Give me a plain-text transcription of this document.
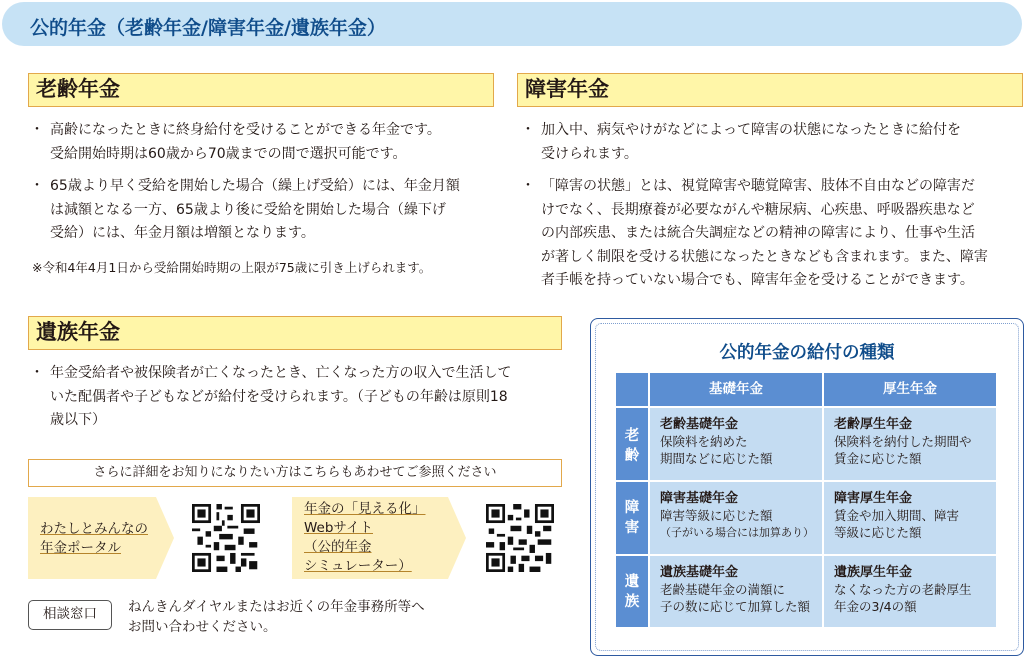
公的年金（老齢年金/障害年金/遺族年金）
老齢年金
・ 高齢になったときに終身給付を受けることができる年金です。
受給開始時期は60歳から70歳までの間で選択可能です。
・ 65歳より早く受給を開始した場合（繰上げ受給）には、年金月額
は減額となる一方、65歳より後に受給を開始した場合（繰下げ
受給）には、年金月額は増額となります。
※令和4年4月1日から受給開始時期の上限が75歳に引き上げられます。
障害年金
・ 加入中、病気やけがなどによって障害の状態になったときに給付を
受けられます。
・ 「障害の状態」とは、視覚障害や聴覚障害、肢体不自由などの障害だ
けでなく、長期療養が必要ながんや糖尿病、心疾患、呼吸器疾患など
の内部疾患、または統合失調症などの精神の障害により、仕事や生活
が著しく制限を受ける状態になったときなども含まれます。また、障害
者手帳を持っていない場合でも、障害年金を受けることができます。
遺族年金
・ 年金受給者や被保険者が亡くなったとき、亡くなった方の収入で生活して
いた配偶者や子どもなどが給付を受けられます。（子どもの年齢は原則18
歳以下）
さらに詳細をお知りになりたい方はこちらもあわせてご参照ください
わたしとみんなの
年金ポータル
年金の「見える化」
Webサイト
（公的年金
シミュレーター）
相談窓口	ねんきんダイヤルまたはお近くの年金事務所等へ
お問い合わせください。
公的年金の給付の種類
基礎年金	厚生年金
老
齢
老齢基礎年金
保険料を納めた
期間などに応じた額
老齢厚生年金
保険料を納付した期間や
賃金に応じた額
障
害
障害基礎年金
障害等級に応じた額
（子がいる場合には加算あり）
障害厚生年金
賃金や加入期間、障害
等級に応じた額
遺
族
遺族基礎年金
老齢基礎年金の満額に
子の数に応じて加算した額
遺族厚生年金
なくなった方の老齢厚生
年金の3/4の額
